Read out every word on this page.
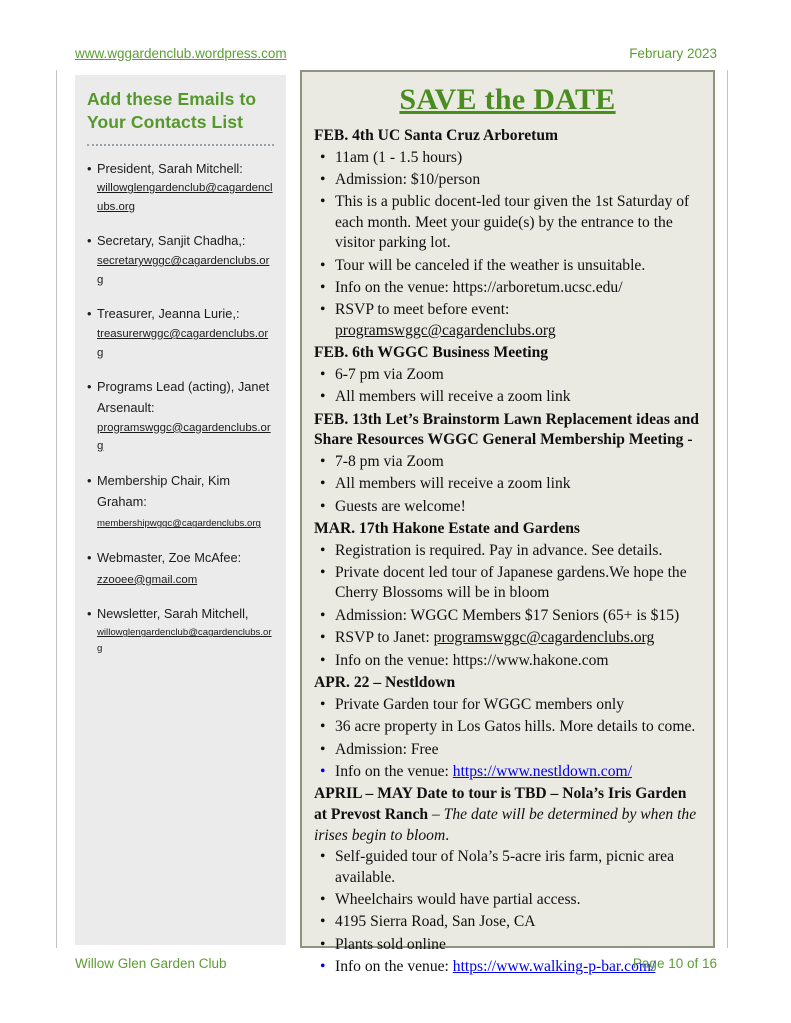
www.wggardenclub.wordpress.com	February 2023
Add these Emails to Your Contacts List
• President, Sarah Mitchell:
willowglengardenclub@cagardenclubs.org
• Secretary, Sanjit Chadha,:
secretarywggc@cagardenclubs.org
• Treasurer, Jeanna Lurie,:
treasurerwggc@cagardenclubs.org
• Programs Lead (acting), Janet Arsenault:
programswggc@cagardenclubs.org
• Membership Chair, Kim Graham:
membershipwggc@cagardenclubs.org
• Webmaster, Zoe McAfee:
zzooee@gmail.com
• Newsletter, Sarah Mitchell,
willowglengardenclub@cagardenclubs.org
SAVE the DATE
FEB. 4th UC Santa Cruz Arboretum
• 11am (1 - 1.5 hours)
• Admission: $10/person
• This is a public docent-led tour given the 1st Saturday of each month. Meet your guide(s) by the entrance to the visitor parking lot.
• Tour will be canceled if the weather is unsuitable.
• Info on the venue: https://arboretum.ucsc.edu/
• RSVP to meet before event:
programswggc@cagardenclubs.org
FEB. 6th WGGC Business Meeting
• 6-7 pm via Zoom
• All members will receive a zoom link
FEB. 13th Let’s Brainstorm Lawn Replacement ideas and Share Resources WGGC General Membership Meeting -
• 7-8 pm via Zoom
• All members will receive a zoom link
• Guests are welcome!
MAR. 17th Hakone Estate and Gardens
• Registration is required. Pay in advance. See details.
• Private docent led tour of Japanese gardens.We hope the Cherry Blossoms will be in bloom
• Admission: WGGC Members $17 Seniors (65+ is $15)
• RSVP to Janet: programswggc@cagardenclubs.org
• Info on the venue: https://www.hakone.com
APR. 22 – Nestldown
• Private Garden tour for WGGC members only
• 36 acre property in Los Gatos hills. More details to come.
• Admission: Free
• Info on the venue: https://www.nestldown.com/
APRIL – MAY Date to tour is TBD – Nola’s Iris Garden at Prevost Ranch – The date will be determined by when the irises begin to bloom.
• Self-guided tour of Nola’s 5-acre iris farm, picnic area available.
• Wheelchairs would have partial access.
• 4195 Sierra Road, San Jose, CA
• Plants sold online
• Info on the venue: https://www.walking-p-bar.com/
Willow Glen Garden Club	Page 10 of 16
